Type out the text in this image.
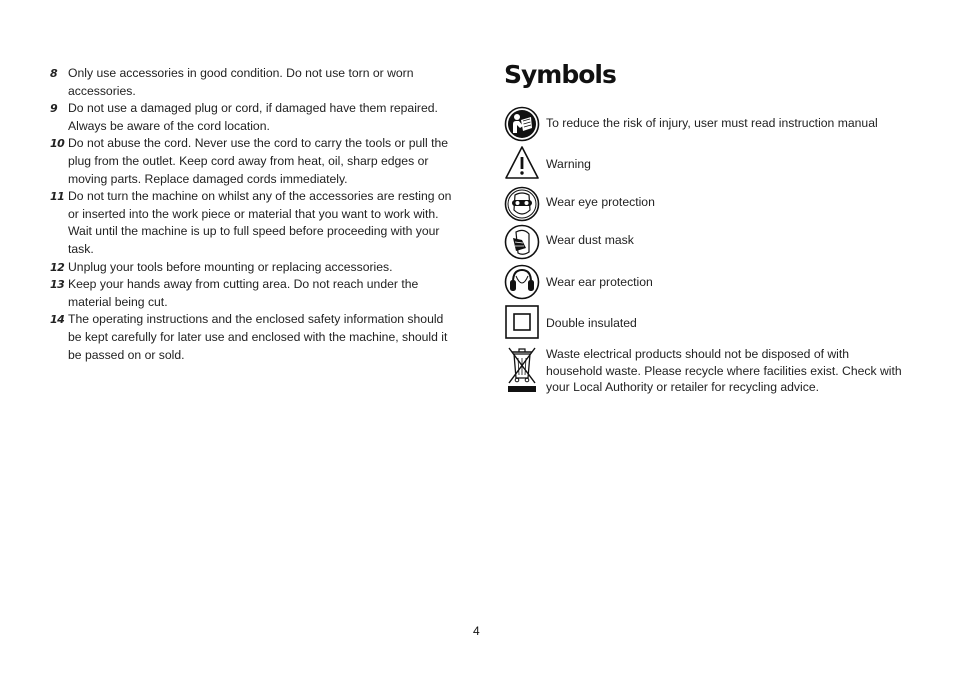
8 Only use accessories in good condition. Do not use torn or worn accessories.
9 Do not use a damaged plug or cord, if damaged have them repaired. Always be aware of the cord location.
10 Do not abuse the cord. Never use the cord to carry the tools or pull the plug from the outlet. Keep cord away from heat, oil, sharp edges or moving parts. Replace damaged cords immediately.
11 Do not turn the machine on whilst any of the accessories are resting on or inserted into the work piece or material that you want to work with. Wait until the machine is up to full speed before proceeding with your task.
12 Unplug your tools before mounting or replacing accessories.
13 Keep your hands away from cutting area. Do not reach under the material being cut.
14 The operating instructions and the enclosed safety information should be kept carefully for later use and enclosed with the machine, should it be passed on or sold.
Symbols
To reduce the risk of injury, user must read instruction manual
Warning
Wear eye protection
Wear dust mask
Wear ear protection
Double insulated
Waste electrical products should not be disposed of with household waste. Please recycle where facilities exist. Check with your Local Authority or retailer for recycling advice.
4
